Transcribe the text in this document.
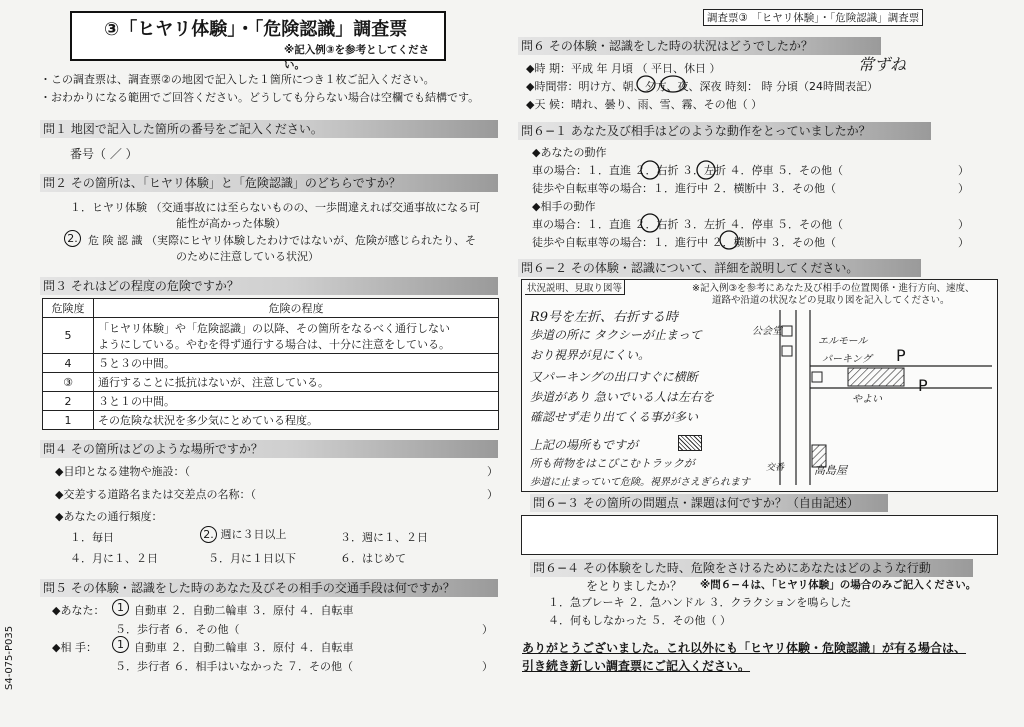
③「ヒヤリ体験」・「危険認識」調査票
※記入例③を参考としてください。
・この調査票は、調査票②の地図で記入した１箇所につき１枚ご記入ください。
・おわかりになる範囲でご回答ください。どうしても分らない場合は空欄でも結構です。
問１ 地図で記入した箇所の番号をご記入ください。
番号（ ／ ）
問２ その箇所は、「ヒヤリ体験」と「危険認識」のどちらですか？
１．ヒヤリ体験 （交通事故には至らないものの、一歩間違えれば交通事故になる可
能性が高かった体験）
2. 危 険 認 識 （実際にヒヤリ体験したわけではないが、危険が感じられたり、そ
のために注意している状況）
問３ それはどの程度の危険ですか？
危険度	危険の程度
5	「ヒヤリ体験」や「危険認識」の以降、その箇所をなるべく通行しない
ようにしている。やむを得ず通行する場合は、十分に注意をしている。

4	５と３の中間。
③	通行することに抵抗はないが、注意している。
2	３と１の中間。
1	その危険な状況を多少気にとめている程度。
問４ その箇所はどのような場所ですか？
◆目印となる建物や施設：（	）
◆交差する道路名または交差点の名称：（	）
◆あなたの通行頻度：
１．毎日	2. 週に３日以上	３．週に１、２日
４．月に１、２日	５．月に１日以下	６．はじめて
問５ その体験・認識をした時のあなた及びその相手の交通手段は何ですか？
◆あなた：	1 自動車 ２．自動二輪車 ３．原付 ４．自転車
５．歩行者 ６．その他（	）
◆相 手：	1 自動車 ２．自動二輪車 ３．原付 ４．自転車
５．歩行者 ６．相手はいなかった ７．その他（	）
S4-075-P035
調査票③ 「ヒヤリ体験」・「危険認識」調査票
問６ その体験・認識をした時の状況はどうでしたか？
◆時 期：平成 年 月頃 （ 平日、休日 ）	常ずね
◆時間帯：明け方、朝、夕方、夜、深夜 時刻： 時 分頃（24時間表記）
◆天 候：晴れ、曇り、雨、雪、霧、その他（ ）
問６−１ あなた及び相手はどのような動作をとっていましたか？
◆あなたの動作
車の場合：１．直進 ２．右折 ３．左折 ４．停車 ５．その他（	）
徒歩や自転車等の場合：１．進行中 ２．横断中 ３．その他（	）
◆相手の動作
車の場合：１．直進 ２．右折 ３．左折 ４．停車 ５．その他（	）
徒歩や自転車等の場合：１．進行中 ２．横断中 ３．その他（	）
問６−２ その体験・認識について、詳細を説明してください。
状況説明、見取り図等	※記入例③を参考にあなた及び相手の位置関係・進行方向、速度、
道路や沿道の状況などの見取り図を記入してください。
R9号を左折、右折する時
歩道の所に タクシーが止まって
おり視界が見にくい。
又パーキングの出口すぐに横断
歩道があり 急いでいる人は左右を
確認せず走り出てくる事が多い
上記の場所もですが
所も荷物をはこびこむトラックが
歩道に止まっていて危険。視界がさえぎられます
公会堂
エルモール
パーキング P
P
やよい
高島屋
交番
問６−３ その箇所の問題点・課題は何ですか？（自由記述）
問６−４ その体験をした時、危険をさけるためにあなたはどのような行動
をとりましたか？ ※問６−４は、「ヒヤリ体験」の場合のみご記入ください。
１．急ブレーキ ２．急ハンドル ３．クラクションを鳴らした
４．何もしなかった ５．その他（ ）
ありがとうございました。これ以外にも「ヒヤリ体験・危険認識」が有る場合は、
引き続き新しい調査票にご記入ください。
